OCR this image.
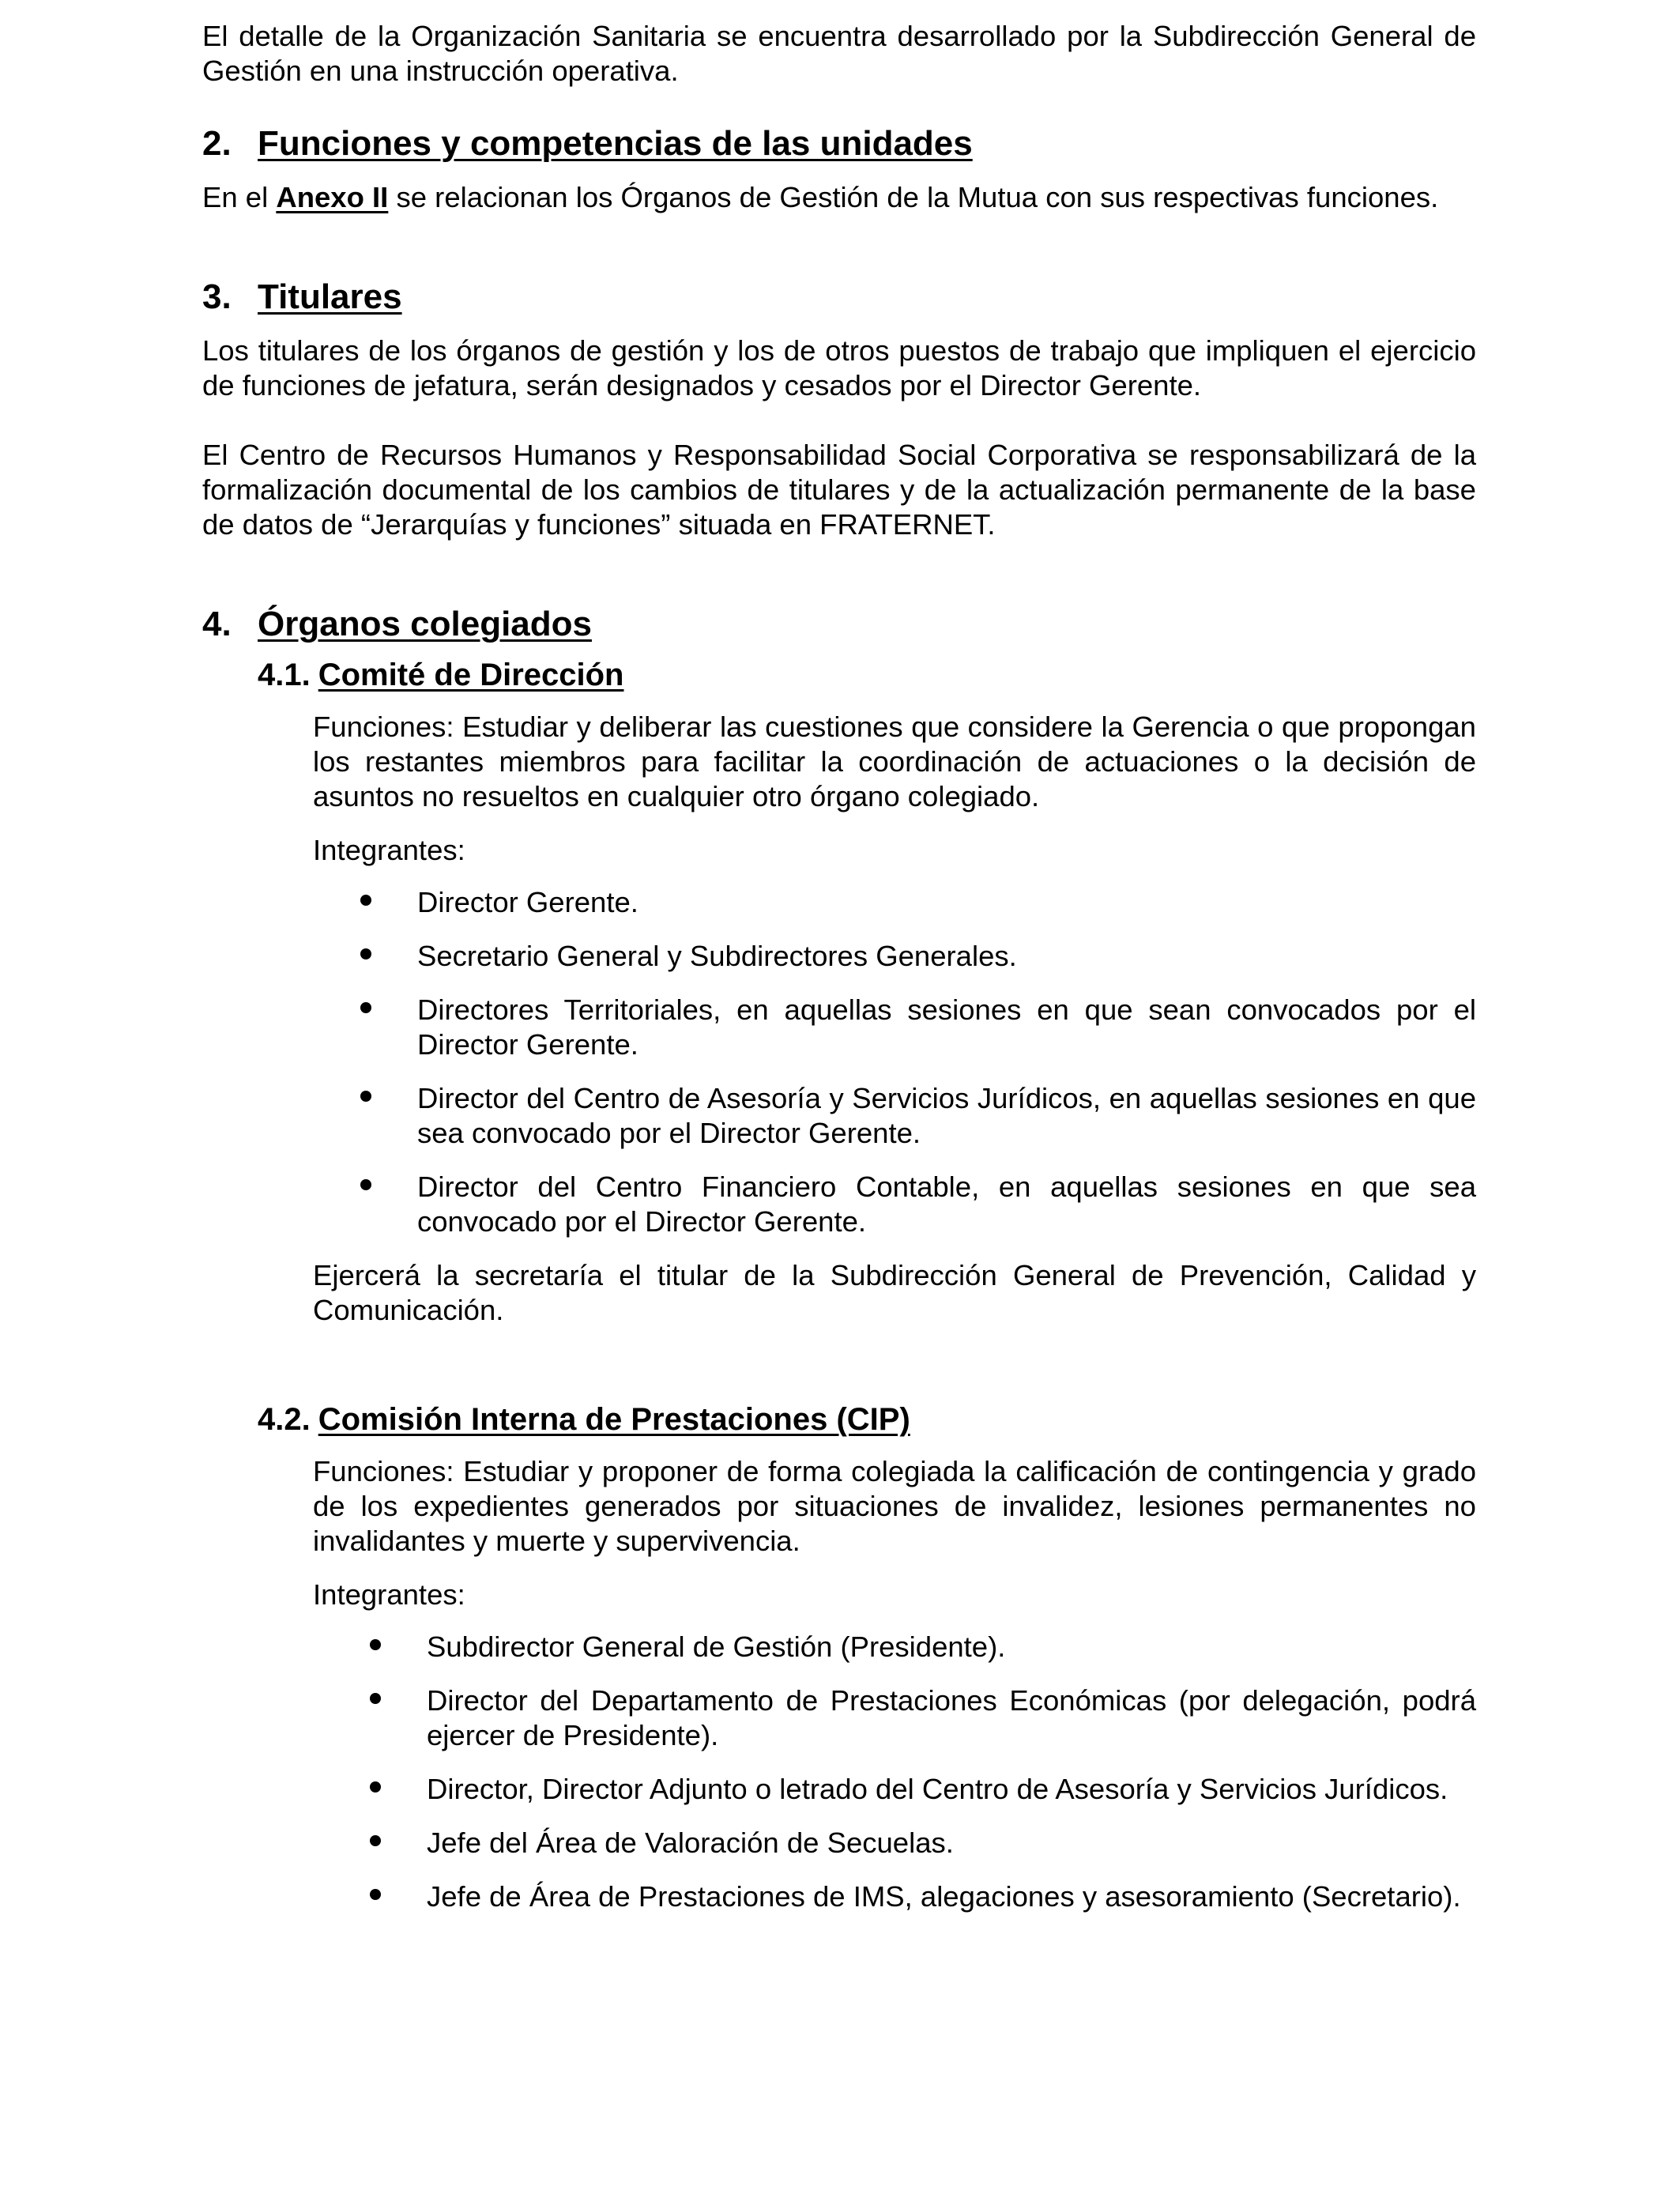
El detalle de la Organización Sanitaria se encuentra desarrollado por la Subdirección General de Gestión en una instrucción operativa.

2. Funciones y competencias de las unidades

En el Anexo II se relacionan los Órganos de Gestión de la Mutua con sus respectivas funciones.

3. Titulares

Los titulares de los órganos de gestión y los de otros puestos de trabajo que impliquen el ejercicio de funciones de jefatura, serán designados y cesados por el Director Gerente.

El Centro de Recursos Humanos y Responsabilidad Social Corporativa se responsabilizará de la formalización documental de los cambios de titulares y de la actualización permanente de la base de datos de “Jerarquías y funciones” situada en FRATERNET.

4. Órganos colegiados
4.1. Comité de Dirección

Funciones: Estudiar y deliberar las cuestiones que considere la Gerencia o que propongan los restantes miembros para facilitar la coordinación de actuaciones o la decisión de asuntos no resueltos en cualquier otro órgano colegiado.

Integrantes:

Director Gerente.
Secretario General y Subdirectores Generales.
Directores Territoriales, en aquellas sesiones en que sean convocados por el Director Gerente.
Director del Centro de Asesoría y Servicios Jurídicos, en aquellas sesiones en que sea convocado por el Director Gerente.
Director del Centro Financiero Contable, en aquellas sesiones en que sea convocado por el Director Gerente.

Ejercerá la secretaría el titular de la Subdirección General de Prevención, Calidad y Comunicación.

4.2. Comisión Interna de Prestaciones (CIP)

Funciones: Estudiar y proponer de forma colegiada la calificación de contingencia y grado de los expedientes generados por situaciones de invalidez, lesiones permanentes no invalidantes y muerte y supervivencia.

Integrantes:

Subdirector General de Gestión (Presidente).
Director del Departamento de Prestaciones Económicas (por delegación, podrá ejercer de Presidente).
Director, Director Adjunto o letrado del Centro de Asesoría y Servicios Jurídicos.
Jefe del Área de Valoración de Secuelas.
Jefe de Área de Prestaciones de IMS, alegaciones y asesoramiento (Secretario).
